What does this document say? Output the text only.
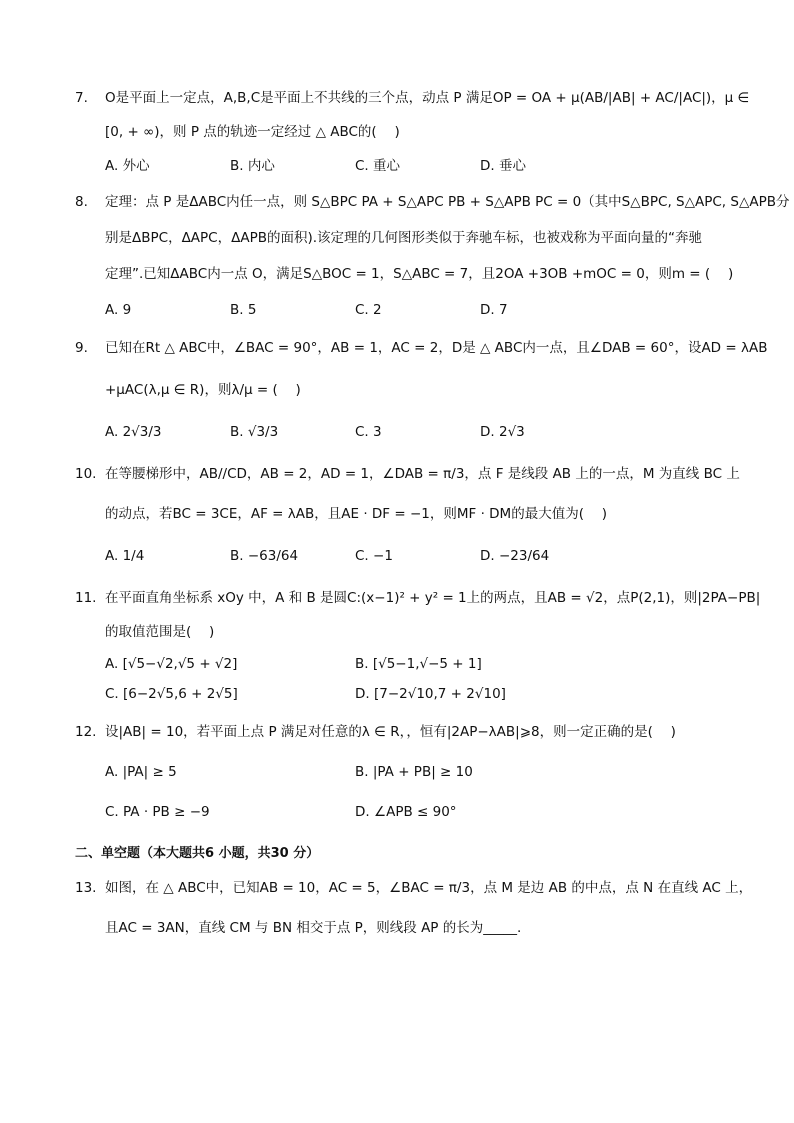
7.	O是平面上一定点，A,B,C是平面上不共线的三个点，动点 P 满足OP = OA + μ(AB/|AB| + AC/|AC|)，μ ∈
[0, + ∞)，则 P 点的轨迹一定经过 △ ABC的(　 )
A. 外心	B. 内心	C. 重心	D. 垂心
8.	定理：点 P 是ΔABC内任一点，则 S△BPC PA + S△APC PB + S△APB PC = 0（其中S△BPC, S△APC, S△APB分
别是ΔBPC，ΔAPC，ΔAPB的面积).该定理的几何图形类似于奔驰车标，也被戏称为平面向量的“奔驰
定理”.已知ΔABC内一点 O，满足S△BOC = 1，S△ABC = 7，且2OA +3OB +mOC = 0，则m = (　 )
A. 9	B. 5	C. 2	D. 7
9.	已知在Rt △ ABC中，∠BAC = 90°，AB = 1，AC = 2，D是 △ ABC内一点，且∠DAB = 60°，设AD = λAB
+μAC(λ,μ ∈ R)，则λ/μ = (　 )
A. 2√3/3	B. √3/3	C. 3	D. 2√3
10. 在等腰梯形中，AB//CD，AB = 2，AD = 1，∠DAB = π/3，点 F 是线段 AB 上的一点，M 为直线 BC 上
的动点，若BC = 3CE，AF = λAB，且AE · DF = −1，则MF · DM的最大值为(　 )
A. 1/4	B. −63/64	C. −1	D. −23/64
11. 在平面直角坐标系 xOy 中，A 和 B 是圆C:(x−1)² + y² = 1上的两点，且AB = √2，点P(2,1)，则|2PA−PB|
的取值范围是(　 )
A. [√5−√2,√5 + √2]	B. [√5−1,√−5 + 1]
C. [6−2√5,6 + 2√5]	D. [7−2√10,7 + 2√10]
12. 设|AB| = 10，若平面上点 P 满足对任意的λ ∈ R，，恒有|2AP−λAB|⩾8，则一定正确的是(　 )
A. |PA| ≥ 5	B. |PA + PB| ≥ 10
C. PA · PB ≥ −9	D. ∠APB ≤ 90°
二、单空题（本大题共6 小题，共30 分）
13. 如图，在 △ ABC中，已知AB = 10，AC = 5，∠BAC = π/3，点 M 是边 AB 的中点，点 N 在直线 AC 上，
且AC = 3AN，直线 CM 与 BN 相交于点 P，则线段 AP 的长为_____.
